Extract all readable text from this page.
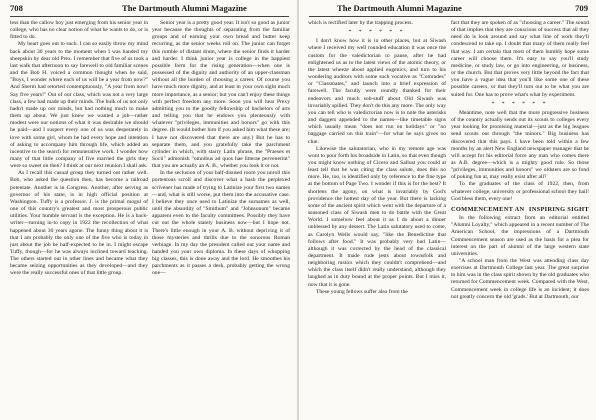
708	The Dartmouth Alumni Magazine

less than the callow boy just emerging from his senior year in college, who has no clear notion of what he wants to do, or is fitted to do.

My heart goes out to such. I can so easily throw my mind back about 30 years to the moment when I was handed my sheepskin by dear old Prex. I remember that five of us took a last walk that afternoon to say farewell to old familiar scenes and the Bob H. voiced a common thought when he said, "Boys, I wonder where each of us will be a year from now?" And Sherm had retorted contemptuously, "A year from now! Say five years!" Out of our class, which was not a very large class, a few had made up their minds. The bulk of us not only hadn't made up our minds, but had nothing much to make them up about. We just knew we wanted a job—rather modest were our notions of what it was desirable we should be paid—and I suspect every one of us was desperately in love with some girl, whom he had every hope and intention of asking to accompany him through life, which added an incentive to the search for remunerative work. I wonder how many of that little company of five married the girls they were so sweet on then? I think at our next reunion I shall ask.

As I recall this casual group they turned out rather well. Bob, who asked the question then, has become a railroad potentate. Another is in Congress. Another, after serving as governor of his state, is in high official position at Washington. Tuffy is a professor. J. is the primal mogul of one of this country's greatest and most prosperous public utilities. Your humble servant is the exception. He is a back-writer—turning in-to copy in 1922 the recollection of what happened about 30 years agone. The funny thing about it is that I am probably the only one of the five who is today in just about the job he half-expected to be in. I might escape Tuffy, though—for he was always inclined toward teaching. The others started out in other lines and became what they became seizing opportunities as they developed—and they were the really successful ones of that little group.

Senior year is a pretty good year. It isn't so good as junior year because the thoughts of separating from the familiar groups and of earning your own bread and butter keep recurring, as the senior weeks roll on. The junior can forget this rumble of distant drum, where the senior finds it harder and harder. I think junior year is college in the happiest possible form for the rising generation—when one is possessed of the dignity and authority of an upper-classman without all the burden of choosing a career. Of course you have much more dignity, and at least in your own sight much more importance, as a senior; but you can't enjoy these things with perfect freedom any more. Soon you will hear Prexy admitting you to the goodly fellowship of bachelors of arts and telling you that he endows you plenteously with whatever "privileges, immunities and honors" go with this degree. (It would bother him if you asked him what these are; I have not discovered that there are any.) But he has to separate them, and you gratefully take the parchment cylinder in which, with starry Latin phrase, the "Praeses et Socii" admonish "omnibus ad quos hae litterae pervenerint" that you are actually an A. B., whether you look it or not.

In the seclusion of your half-disused room you unroll this portentous scroll and discover what a hash the perplexed scrivener has made of trying to Latinize your first two names—and, what is still worse, put them into the accusative case. I believe they once used to Latinize the surnames as well, until the absurdity of "Smithum" and "Johnsonum" became apparent even to the faculty committees. Possibly they have cut out the whole stately business now—but I hope not. There's little enough in your A. B. without depriving it of those mysteries and thrills due to the sonorous Roman verbiage. In my day the president called out your name and handed you your own diploma. In these days of whopping big classes, this is done away and the lord. He smoothes his parchments as it passes a desk, probably getting the wrong one—

The Dartmouth Alumni Magazine	709

which is rectified later by the trapping process.

* * * * * *

I don't know how it is in other places, but at Siwash where I received my well rounded education it was once the custom for the valedictorian to pause, after he had enlightened us as to the latest views of the atomic theory, or the latest wheeze about applied eugenics, and turn to his wondering auditors with some such vocative as "Comrades" or "Classmates," and launch into a brief expression of farewell. The faculty were roundly thanked for their endeavors and much sob-stuff about Old Siwash was invariably spilled. They don't do this any more. The only way you can tell who is valedictorian now is to note the asterisks and daggers appended to the names—like timetable signs which usually mean "does not run on holidays" or "no baggage carried on this train"—for what he says gives no clue.

Likewise the salutatorian, who in my remote age was wont to pour forth his broadside in Latin, so that even though you might know nothing of Cicero and Sallust you could at least tell that he was citing the class salute, does this no more. He, too, is identified only by reference to the fine type at the bottom of Page Two. I wonder if this is for the best? It shortens the agony, on what is invariably by God's providence the hottest day of the year. But there is lacking some of the ancient spirit which went with the departure of a seasoned class of Siwash men to do battle with the Great World. I somehow feel about it as I do about a dinner unblessed by any dessert. The Latin salutatory used to come, as Carolyn Wells would say, "like the Benedictine that follows after food." It was probably very bad Latin—although it was corrected by the head of the classical department. It made rude jests about townsfolk and neighboring rustics which they couldn't comprehend—and which the class itself didn't really understand, although they laughed as in duty bound at the proper points. But I miss it, now that it is gone.

These young fellows suffer also from the

fact that they are spoken of as "choosing a career." The sound of that implies that they are conscious of success that all they need do is look around and say what line of work they'll condescend to take up. I doubt that many of them really feel that way. I am certain that most of them humbly hope some career will choose them. It's easy to say you'll study medicine, or study law, or go into engineering, or business, or the church. But that proves very little beyond the fact that you have a vague idea that you'll like some one of these possible careers, or that they'll turn out to be what you are suited for. One has to prove what's what by experiment.

* * * * * *

Meantime, note well that the more progressive business of the country actually sends out its scouts to colleges every year looking for promising material—just as the big leagues send scouts out through "the minors." Big business has discovered that this pays. I have been told within a few months by an alert New England newspaper manager that he will accept for his editorial force any man who comes there as A.B. degree—which is a mighty good rule. So those "privileges, immunities and honors" we oldsters are so fond of poking fun at, may really exist after all?

To the graduates of the class of 1922, then, from whatever college, university or professional school they hail! God bless them, every one!

COMMENCEMENT AN INSPIRING SIGHT

In the following extract from an editorial entitled "Alumni Loyalty," which appeared in a recent number of The American School, the impressions of a Dartmouth Commencement season are used as the basis for a plea for interest on the part of alumni of the large western state universities.

"A school man from the West was attending class day exercises at Dartmouth College last year. The great surprise to him was in the class spirit shown by the old graduates who returned for Commencement week. Compared with the West, Commencement week in college life is an incident; it does not greatly concern the old 'grads.' But at Dartmouth, our
